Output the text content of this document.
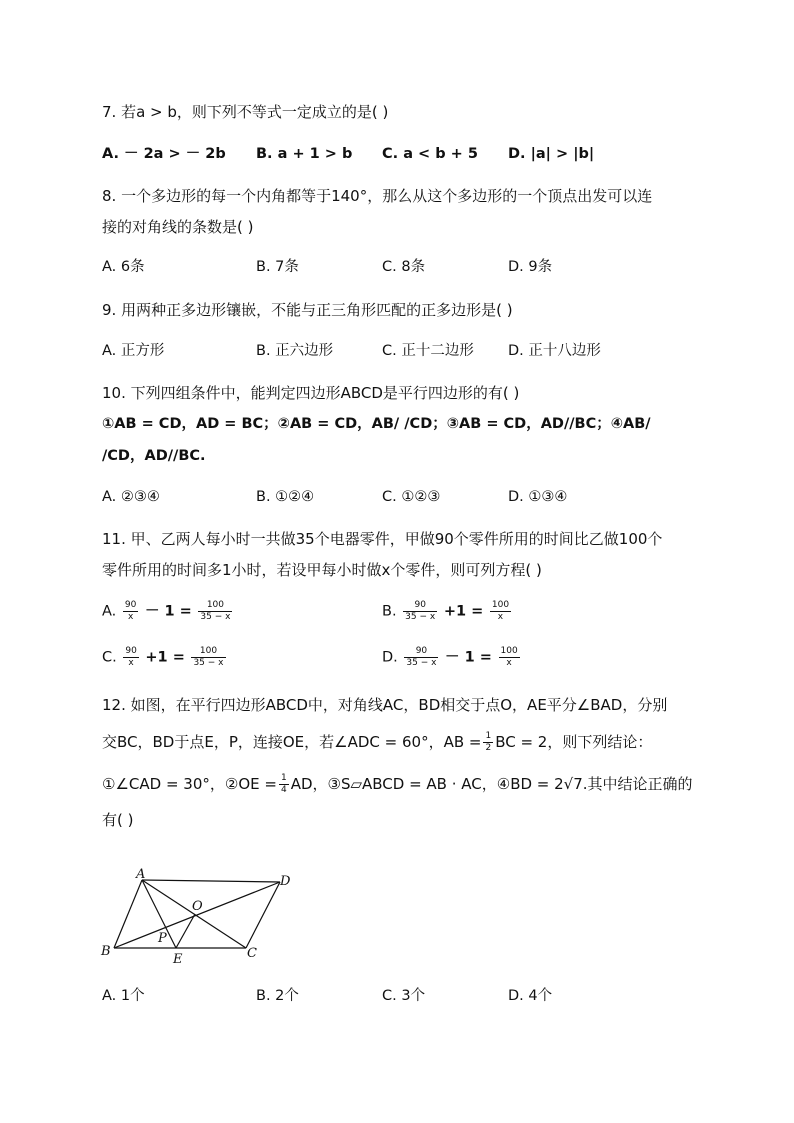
7. 若a > b，则下列不等式一定成立的是( )
A. － 2a > － 2b B. a + 1 > b C. a < b + 5 D. |a| > |b|
8. 一个多边形的每一个内角都等于140°，那么从这个多边形的一个顶点出发可以连
接的对角线的条数是( )
A. 6条	B. 7条	C. 8条	D. 9条
9. 用两种正多边形镶嵌，不能与正三角形匹配的正多边形是( )
A. 正方形	B. 正六边形	C. 正十二边形 D. 正十八边形
10. 下列四组条件中，能判定四边形ABCD是平行四边形的有( )
①AB = CD，AD = BC；②AB = CD，AB/ /CD；③AB = CD，AD//BC；④AB/
/CD，AD//BC.
A. ②③④	B. ①②④	C. ①②③	D. ①③④
11. 甲、乙两人每小时一共做35个电器零件，甲做90个零件所用的时间比乙做100个
零件所用的时间多1小时，若设甲每小时做x个零件，则可列方程( )
A. $\frac{90}{x} - 1 = \frac{100}{35 - x}$	B. $\frac{90}{35 - x} +1 = \frac{100}{x}$
C. $\frac{90}{x} +1 = \frac{100}{35 - x}$	D. $\frac{90}{35 - x} - 1 = \frac{100}{x}$
12. 如图，在平行四边形ABCD中，对角线AC，BD相交于点O，AE平分∠BAD，分别
交BC，BD于点E，P，连接OE，若∠ADC = 60°，AB = $\frac{1}{2}$ BC = 2，则下列结论：
①∠CAD = 30°，②OE = $\frac{1}{4}$ AD，③S▱ABCD = AB · AC，④BD = 2√7.其中结论正确的
有( )
A	D
O
P
B
E	C
A. 1个	B. 2个	C. 3个	D. 4个
